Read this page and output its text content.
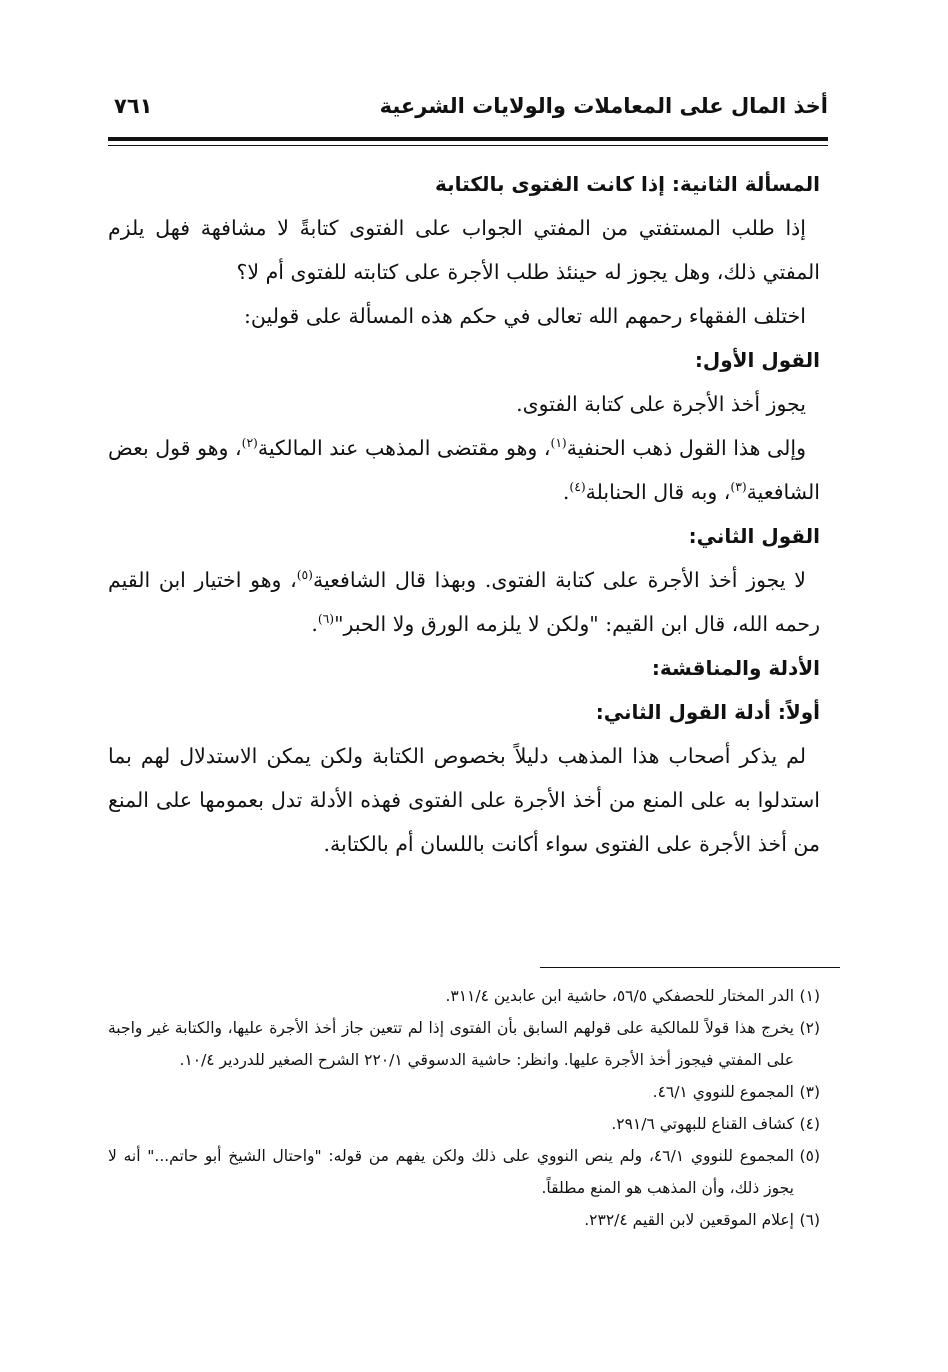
أخذ المال على المعاملات والولايات الشرعية
٧٦١

المسألة الثانية: إذا كانت الفتوى بالكتابة

إذا طلب المستفتي من المفتي الجواب على الفتوى كتابةً لا مشافهة فهل يلزم المفتي ذلك، وهل يجوز له حينئذ طلب الأجرة على كتابته للفتوى أم لا؟

اختلف الفقهاء رحمهم الله تعالى في حكم هذه المسألة على قولين:

القول الأول:

يجوز أخذ الأجرة على كتابة الفتوى.

وإلى هذا القول ذهب الحنفية$^{(١)}$، وهو مقتضى المذهب عند المالكية$^{(٢)}$، وهو قول بعض الشافعية$^{(٣)}$، وبه قال الحنابلة$^{(٤)}$.

القول الثاني:

لا يجوز أخذ الأجرة على كتابة الفتوى. وبهذا قال الشافعية$^{(٥)}$، وهو اختيار ابن القيم رحمه الله، قال ابن القيم: "ولكن لا يلزمه الورق ولا الحبر"$^{(٦)}$.

الأدلة والمناقشة:

أولاً: أدلة القول الثاني:

لم يذكر أصحاب هذا المذهب دليلاً بخصوص الكتابة ولكن يمكن الاستدلال لهم بما استدلوا به على المنع من أخذ الأجرة على الفتوى فهذه الأدلة تدل بعمومها على المنع من أخذ الأجرة على الفتوى سواء أكانت باللسان أم بالكتابة.

(١)
الدر المختار للحصفكي ٥٦/٥، حاشية ابن عابدين ٣١١/٤.

(٢)
يخرج هذا قولاً للمالكية على قولهم السابق بأن الفتوى إذا لم تتعين جاز أخذ الأجرة عليها، والكتابة غير واجبة على المفتي فيجوز أخذ الأجرة عليها. وانظر: حاشية الدسوقي ٢٢٠/١ الشرح الصغير للدردير ١٠/٤.

(٣)
المجموع للنووي ٤٦/١.

(٤)
كشاف القناع للبهوتي ٢٩١/٦.

(٥)
المجموع للنووي ٤٦/١، ولم ينص النووي على ذلك ولكن يفهم من قوله: "واحتال الشيخ أبو حاتم..." أنه لا يجوز ذلك، وأن المذهب هو المنع مطلقاً.

(٦)
إعلام الموقعين لابن القيم ٢٣٢/٤.
